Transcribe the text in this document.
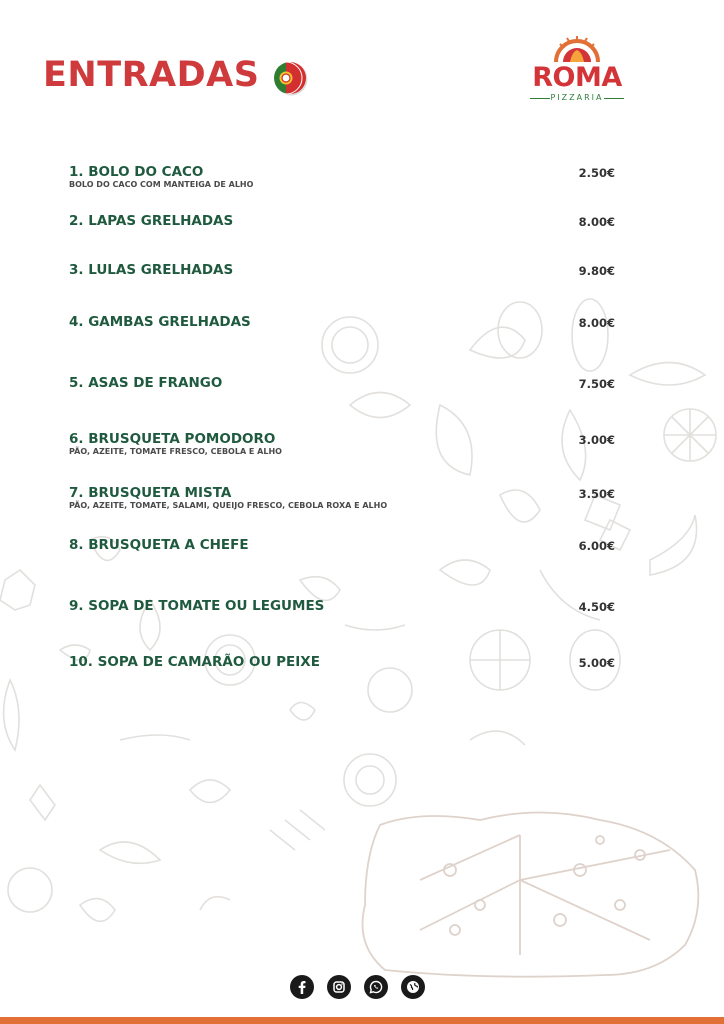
ENTRADAS	ROMA
PIZZARIA
1. BOLO DO CACO
BOLO DO CACO COM MANTEIGA DE ALHO
2.50€
2. LAPAS GRELHADAS	8.00€
3. LULAS GRELHADAS	9.80€
4. GAMBAS GRELHADAS	8.00€
5. ASAS DE FRANGO	7.50€
6. BRUSQUETA POMODORO
PÃO, AZEITE, TOMATE FRESCO, CEBOLA E ALHO
3.00€
7. BRUSQUETA MISTA
PÃO, AZEITE, TOMATE, SALAMI, QUEIJO FRESCO, CEBOLA ROXA E ALHO
3.50€
8. BRUSQUETA A CHEFE	6.00€
9. SOPA DE TOMATE OU LEGUMES	4.50€
10. SOPA DE CAMARÃO OU PEIXE	5.00€
